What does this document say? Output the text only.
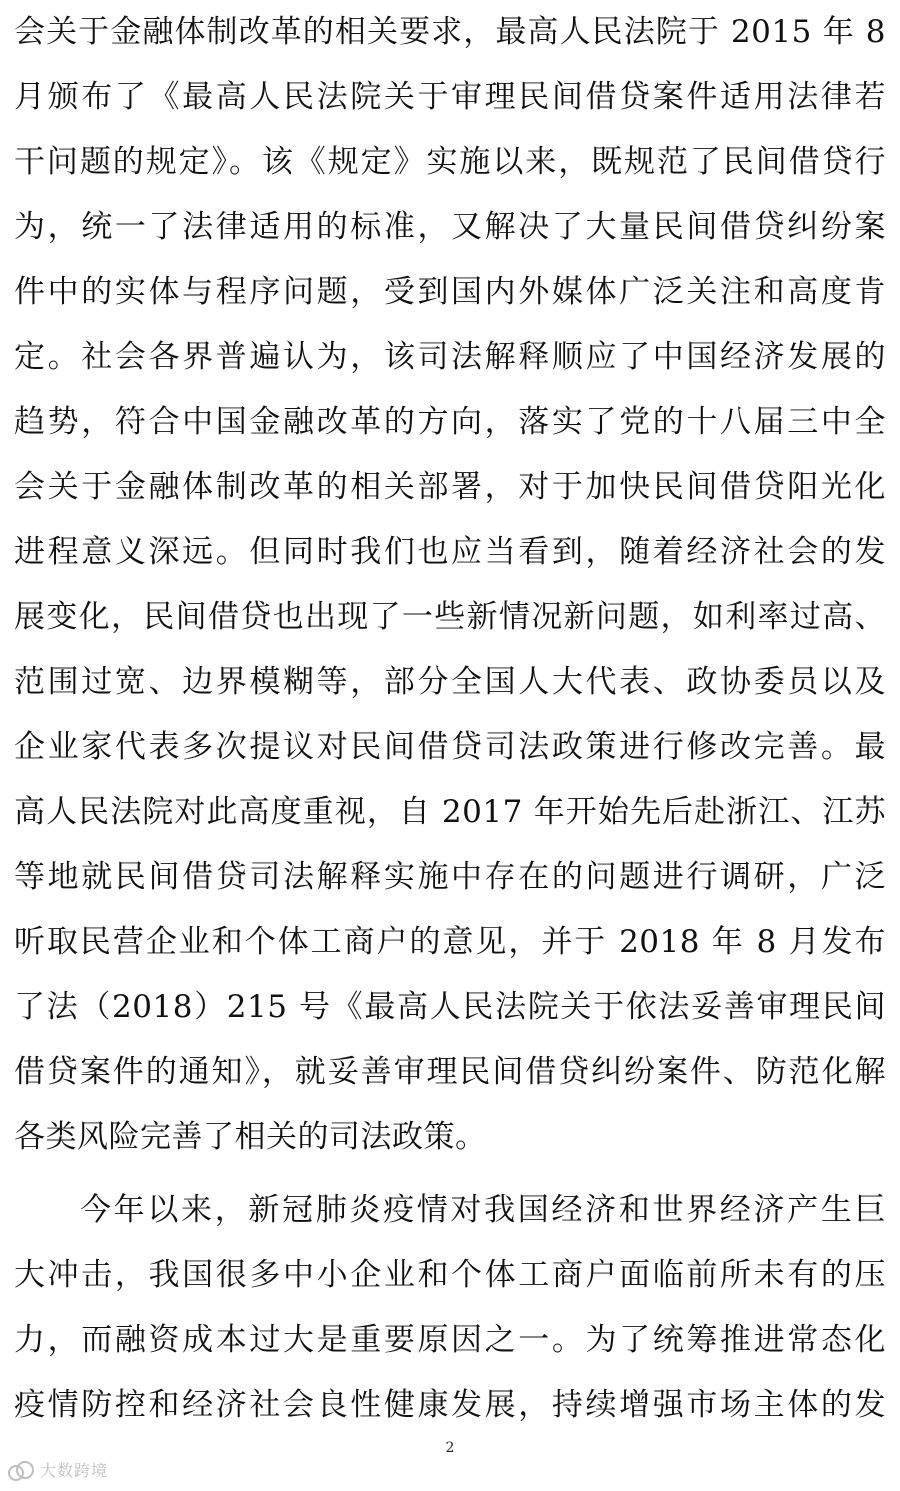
会关于金融体制改革的相关要求，最高人民法院于 2015 年 8
月颁布了《最高人民法院关于审理民间借贷案件适用法律若
干问题的规定》。该《规定》实施以来，既规范了民间借贷行
为，统一了法律适用的标准，又解决了大量民间借贷纠纷案
件中的实体与程序问题，受到国内外媒体广泛关注和高度肯
定。社会各界普遍认为，该司法解释顺应了中国经济发展的
趋势，符合中国金融改革的方向，落实了党的十八届三中全
会关于金融体制改革的相关部署，对于加快民间借贷阳光化
进程意义深远。但同时我们也应当看到，随着经济社会的发
展变化，民间借贷也出现了一些新情况新问题，如利率过高、
范围过宽、边界模糊等，部分全国人大代表、政协委员以及
企业家代表多次提议对民间借贷司法政策进行修改完善。最
高人民法院对此高度重视，自 2017 年开始先后赴浙江、江苏
等地就民间借贷司法解释实施中存在的问题进行调研，广泛
听取民营企业和个体工商户的意见，并于 2018 年 8 月发布
了法（2018）215 号《最高人民法院关于依法妥善审理民间
借贷案件的通知》，就妥善审理民间借贷纠纷案件、防范化解
各类风险完善了相关的司法政策。
今年以来，新冠肺炎疫情对我国经济和世界经济产生巨
大冲击，我国很多中小企业和个体工商户面临前所未有的压
力，而融资成本过大是重要原因之一。为了统筹推进常态化
疫情防控和经济社会良性健康发展，持续增强市场主体的发
2
大数跨境
